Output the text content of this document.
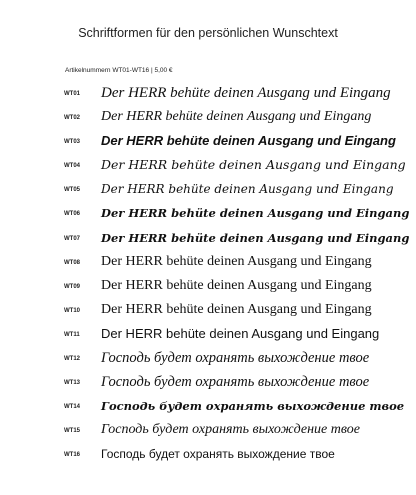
Schriftformen für den persönlichen Wunschtext
Artikelnummern WT01-WT16 | 5,00 €
WT01 Der HERR behüte deinen Ausgang und Eingang
WT02 Der HERR behüte deinen Ausgang und Eingang
WT03 Der HERR behüte deinen Ausgang und Eingang
WT04 Der HERR behüte deinen Ausgang und Eingang
WT05 Der HERR behüte deinen Ausgang und Eingang
WT06 Der HERR behüte deinen Ausgang und Eingang
WT07 Der HERR behüte deinen Ausgang und Eingang
WT08 Der HERR behüte deinen Ausgang und Eingang
WT09 Der HERR behüte deinen Ausgang und Eingang
WT10 Der HERR behüte deinen Ausgang und Eingang
WT11 Der HERR behüte deinen Ausgang und Eingang
WT12 Господь будет охранять выхождение твое
WT13 Господь будет охранять выхождение твое
WT14 Господь будет охранять выхождение твое
WT15 Господь будет охранять выхождение твое
WT16 Господь будет охранять выхождение твое
